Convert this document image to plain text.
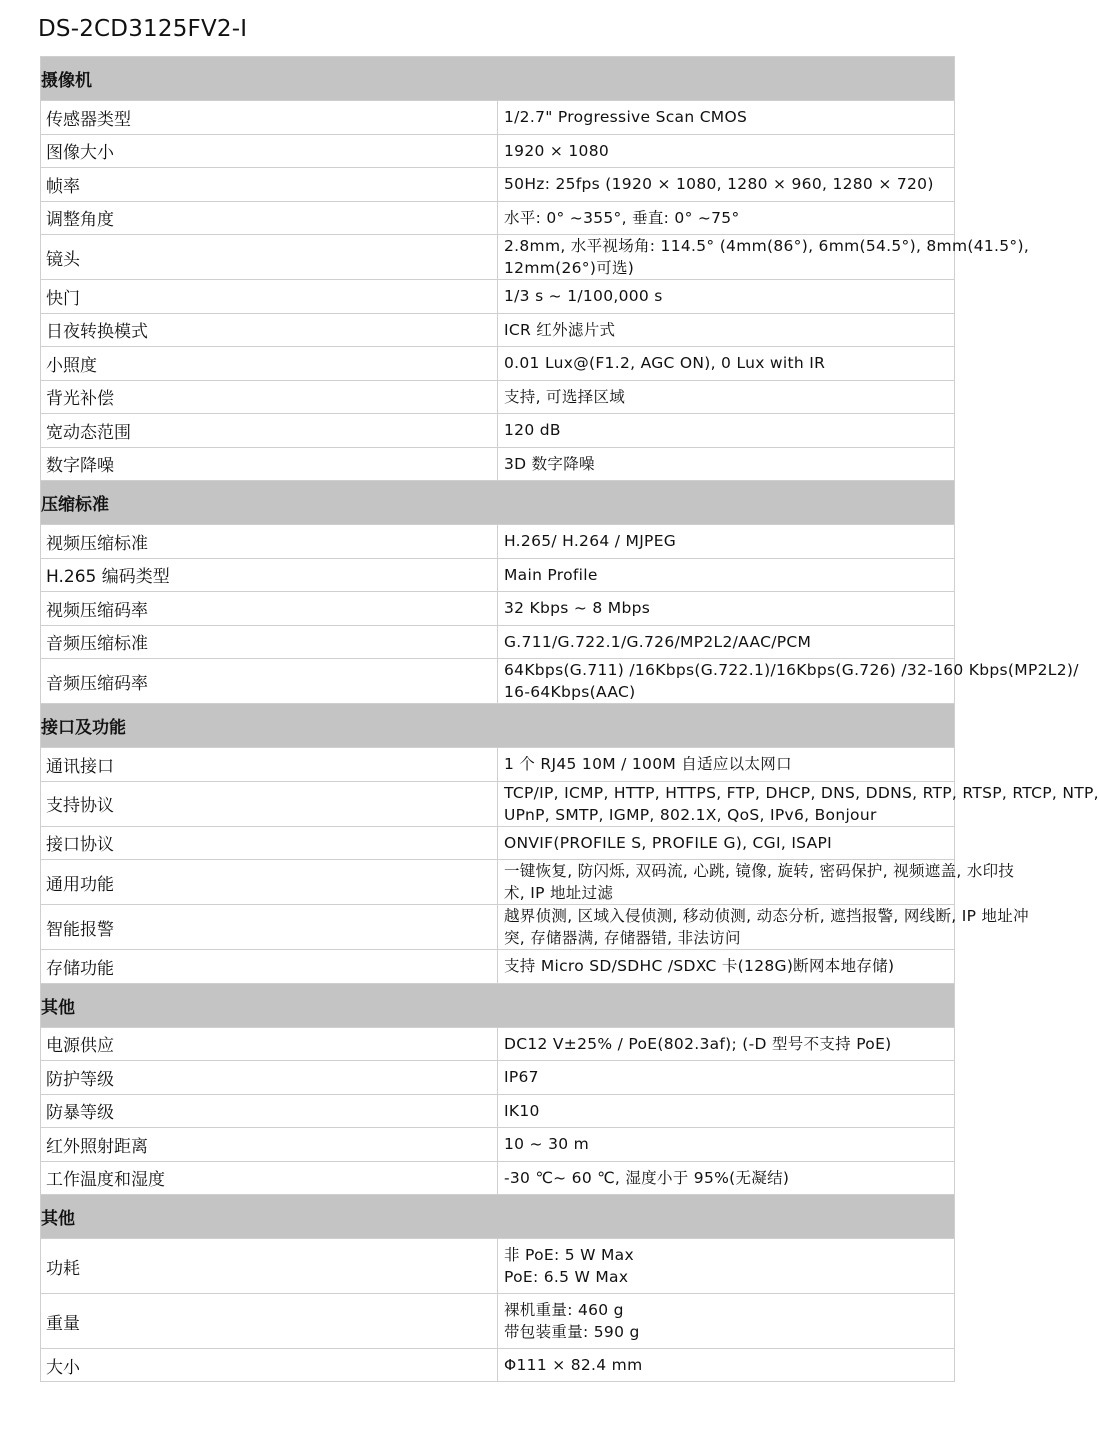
DS-2CD3125FV2-I
摄像机	
传感器类型	1/2.7" Progressive Scan CMOS

图像大小	1920 × 1080

帧率	50Hz: 25fps (1920 × 1080, 1280 × 960, 1280 × 720)

调整角度	水平: 0° ~355°, 垂直: 0° ~75°

镜头	2.8mm, 水平视场角: 114.5° (4mm(86°), 6mm(54.5°), 8mm(41.5°),
12mm(26°)可选)

快门	1/3 s ~ 1/100,000 s

日夜转换模式	ICR 红外滤片式

小照度	0.01 Lux@(F1.2, AGC ON), 0 Lux with IR

背光补偿	支持, 可选择区域

宽动态范围	120 dB

数字降噪	3D 数字降噪

压缩标准	
视频压缩标准	H.265/ H.264 / MJPEG

H.265 编码类型	Main Profile

视频压缩码率	32 Kbps ~ 8 Mbps

音频压缩标准	G.711/G.722.1/G.726/MP2L2/AAC/PCM

音频压缩码率	64Kbps(G.711) /16Kbps(G.722.1)/16Kbps(G.726) /32-160 Kbps(MP2L2)/
16-64Kbps(AAC)

接口及功能	
通讯接口	1 个 RJ45 10M / 100M 自适应以太网口

支持协议	TCP/IP, ICMP, HTTP, HTTPS, FTP, DHCP, DNS, DDNS, RTP, RTSP, RTCP, NTP,
UPnP, SMTP, IGMP, 802.1X, QoS, IPv6, Bonjour

接口协议	ONVIF(PROFILE S, PROFILE G), CGI, ISAPI

通用功能	一键恢复, 防闪烁, 双码流, 心跳, 镜像, 旋转, 密码保护, 视频遮盖, 水印技
术, IP 地址过滤

智能报警	越界侦测, 区域入侵侦测, 移动侦测, 动态分析, 遮挡报警, 网线断, IP 地址冲
突, 存储器满, 存储器错, 非法访问

存储功能	支持 Micro SD/SDHC /SDXC 卡(128G)断网本地存储)

其他	
电源供应	DC12 V±25% / PoE(802.3af); (-D 型号不支持 PoE)

防护等级	IP67

防暴等级	IK10

红外照射距离	10 ~ 30 m

工作温度和湿度	-30 ℃~ 60 ℃, 湿度小于 95%(无凝结)

其他	
功耗	非 PoE: 5 W Max
PoE: 6.5 W Max

重量	裸机重量: 460 g
带包装重量: 590 g

大小	Φ111 × 82.4 mm
